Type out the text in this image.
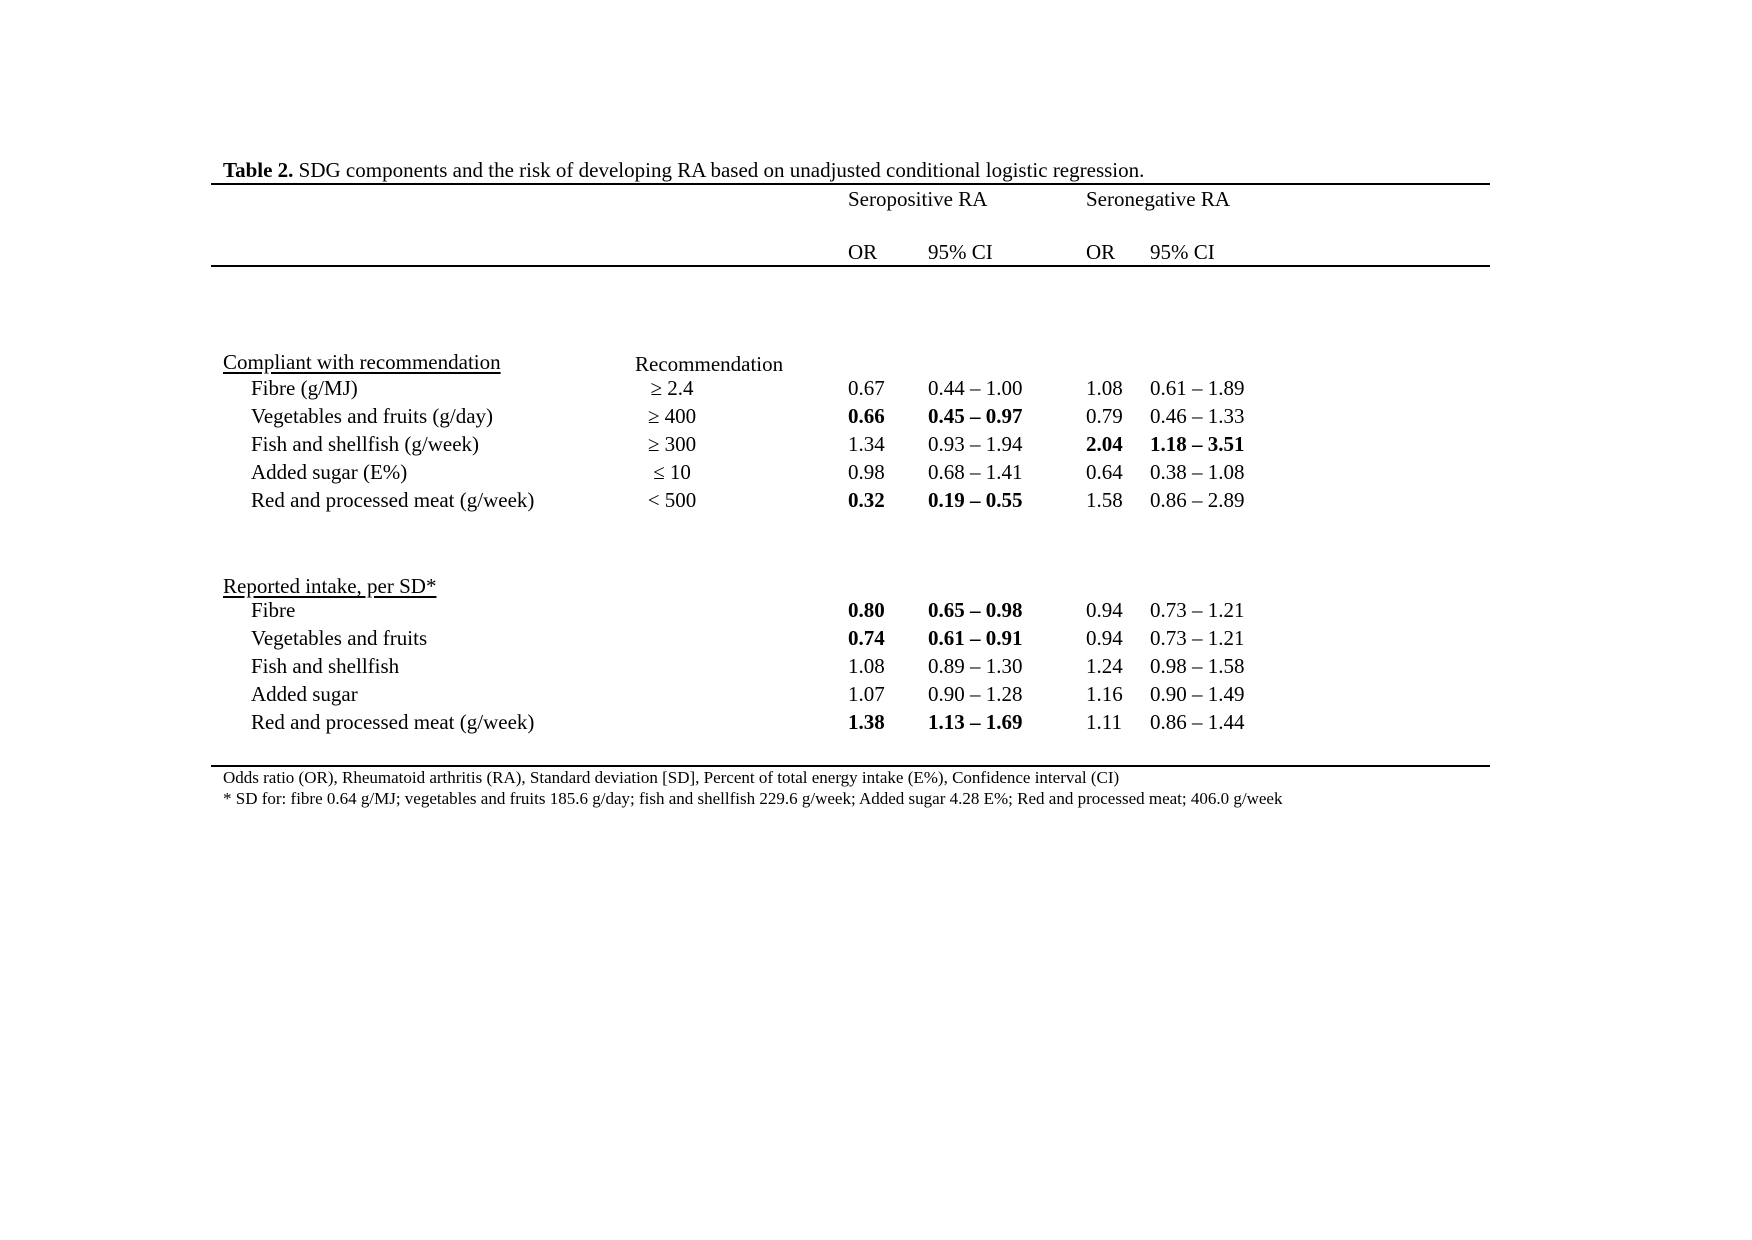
Table 2. SDG components and the risk of developing RA based on unadjusted conditional logistic regression.
Seropositive RA	Seronegative RA
OR 95% CI	OR 95% CI
Compliant with recommendation	Recommendation
Fibre (g/MJ)	≥ 2.4	0.67 0.44 – 1.00	1.08 0.61 – 1.89
Vegetables and fruits (g/day)	≥ 400	0.66 0.45 – 0.97	0.79 0.46 – 1.33
Fish and shellfish (g/week)	≥ 300	1.34 0.93 – 1.94	2.04 1.18 – 3.51
Added sugar (E%)	≤ 10	0.98 0.68 – 1.41	0.64 0.38 – 1.08
Red and processed meat (g/week)	< 500	0.32 0.19 – 0.55	1.58 0.86 – 2.89
Reported intake, per SD*
Fibre	0.80 0.65 – 0.98	0.94 0.73 – 1.21
Vegetables and fruits	0.74 0.61 – 0.91	0.94 0.73 – 1.21
Fish and shellfish	1.08 0.89 – 1.30	1.24 0.98 – 1.58
Added sugar	1.07 0.90 – 1.28	1.16 0.90 – 1.49
Red and processed meat (g/week)	1.38 1.13 – 1.69	1.11 0.86 – 1.44
Odds ratio (OR), Rheumatoid arthritis (RA), Standard deviation [SD], Percent of total energy intake (E%), Confidence interval (CI)
* SD for: fibre 0.64 g/MJ; vegetables and fruits 185.6 g/day; fish and shellfish 229.6 g/week; Added sugar 4.28 E%; Red and processed meat; 406.0 g/week
